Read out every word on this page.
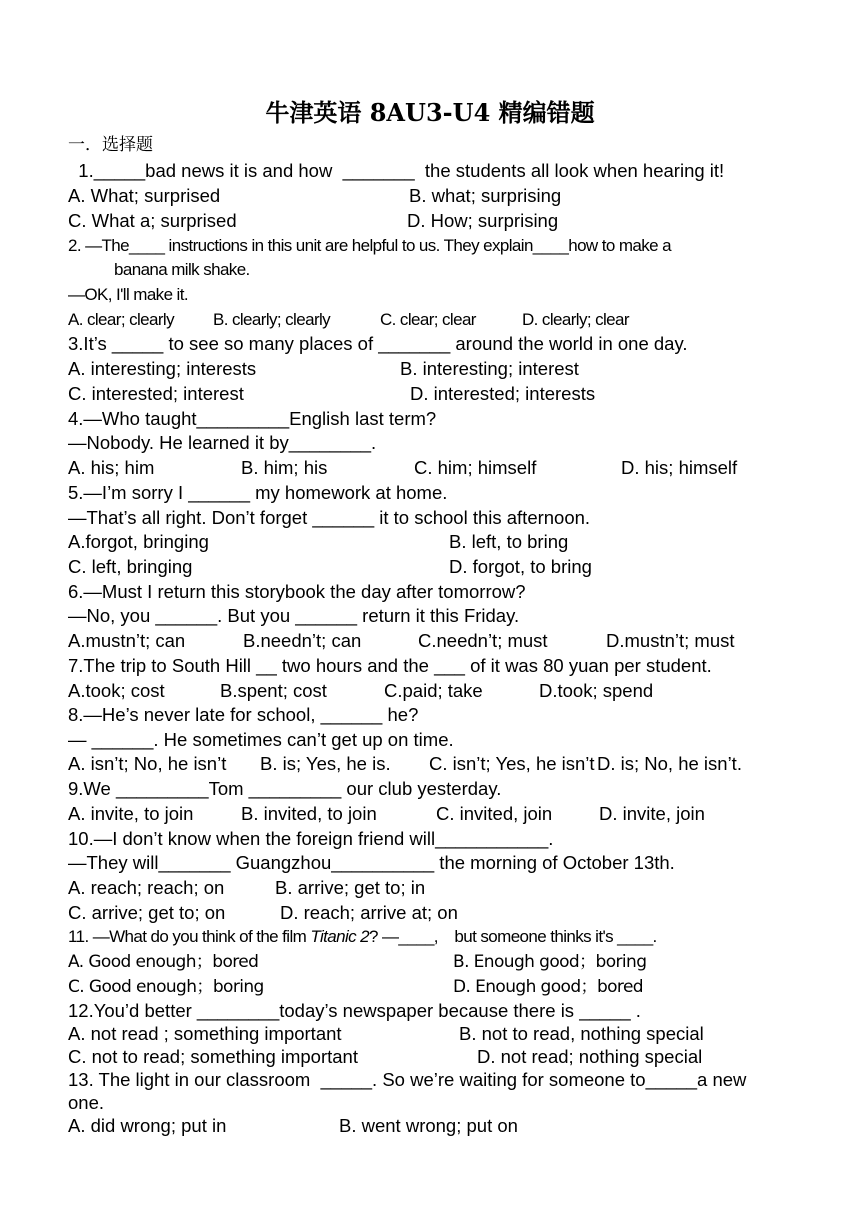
牛津英语 8AU3-U4 精编错题
一．选择题
1._____bad news it is and how  _______  the students all look when hearing it!
A. What; surprised	B. what; surprising
C. What a; surprised	D. How; surprising
2. —The____ instructions in this unit are helpful to us. They explain____how to make a
banana milk shake.
—OK, I'll make it.
A. clear; clearly B. clearly; clearly	C. clear; clear	D. clearly; clear
3.It’s _____ to see so many places of _______ around the world in one day.
A. interesting; interests	B. interesting; interest
C. interested; interest	D. interested; interests
4.—Who taught_________English last term?
—Nobody. He learned it by________.
A. his; him	B. him; his	C. him; himself	D. his; himself
5.—I’m sorry I ______ my homework at home.
—That’s all right. Don’t forget ______ it to school this afternoon.
A.forgot, bringing	B. left, to bring
C. left, bringing	D. forgot, to bring
6.—Must I return this storybook the day after tomorrow?
—No, you ______. But you ______ return it this Friday.
A.mustn’t; can	B.needn’t; can	C.needn’t; must	D.mustn’t; must
7.The trip to South Hill __ two hours and the ___ of it was 80 yuan per student.
A.took; cost	B.spent; cost	C.paid; take	D.took; spend
8.—He’s never late for school, ______ he?
— ______. He sometimes can’t get up on time.
A. isn’t; No, he isn’t B. is; Yes, he is. C. isn’t; Yes, he isn’t D. is; No, he isn’t.
9.We _________Tom _________ our club yesterday.
A. invite, to join	B. invited, to join	C. invited, join	D. invite, join
10.—I don’t know when the foreign friend will___________.
—They will_______ Guangzhou__________ the morning of October 13th.
A. reach; reach; on	B. arrive; get to; in
C. arrive; get to; on	D. reach; arrive at; on
11. —What do you think of the film Titanic 2? —____,    but someone thinks it's ____.
A. Good enough；bored	B. Enough good；boring
C. Good enough；boring	D. Enough good；bored
12.You’d better ________today’s newspaper because there is _____ .
A. not read ; something important	B. not to read, nothing special
C. not to read; something important	D. not read; nothing special
13. The light in our classroom  _____. So we’re waiting for someone to_____a new
one.
A. did wrong; put in	B. went wrong; put on
